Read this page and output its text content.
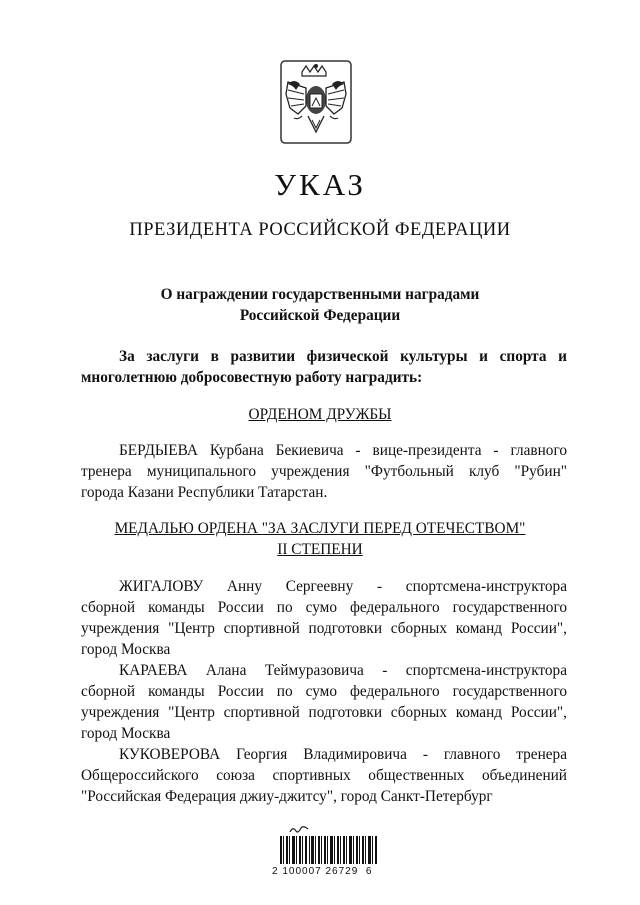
УКАЗ
ПРЕЗИДЕНТА РОССИЙСКОЙ ФЕДЕРАЦИИ
О награждении государственными наградами
Российской Федерации
За заслуги в развитии физической культуры и спорта и
многолетнюю добросовестную работу наградить:
ОРДЕНОМ ДРУЖБЫ
БЕРДЫЕВА Курбана Бекиевича - вице-президента - главного
тренера муниципального учреждения "Футбольный клуб "Рубин"
города Казани Республики Татарстан.
МЕДАЛЬЮ ОРДЕНА "ЗА ЗАСЛУГИ ПЕРЕД ОТЕЧЕСТВОМ"
II СТЕПЕНИ
ЖИГАЛОВУ Анну Сергеевну - спортсмена-инструктора
сборной команды России по сумо федерального государственного
учреждения "Центр спортивной подготовки сборных команд России",
город Москва
КАРАЕВА Алана Теймуразовича - спортсмена-инструктора
сборной команды России по сумо федерального государственного
учреждения "Центр спортивной подготовки сборных команд России",
город Москва
КУКОВЕРОВА Георгия Владимировича - главного тренера
Общероссийского союза спортивных общественных объединений
"Российская Федерация джиу-джитсу", город Санкт-Петербург
2 100007 26729  6
